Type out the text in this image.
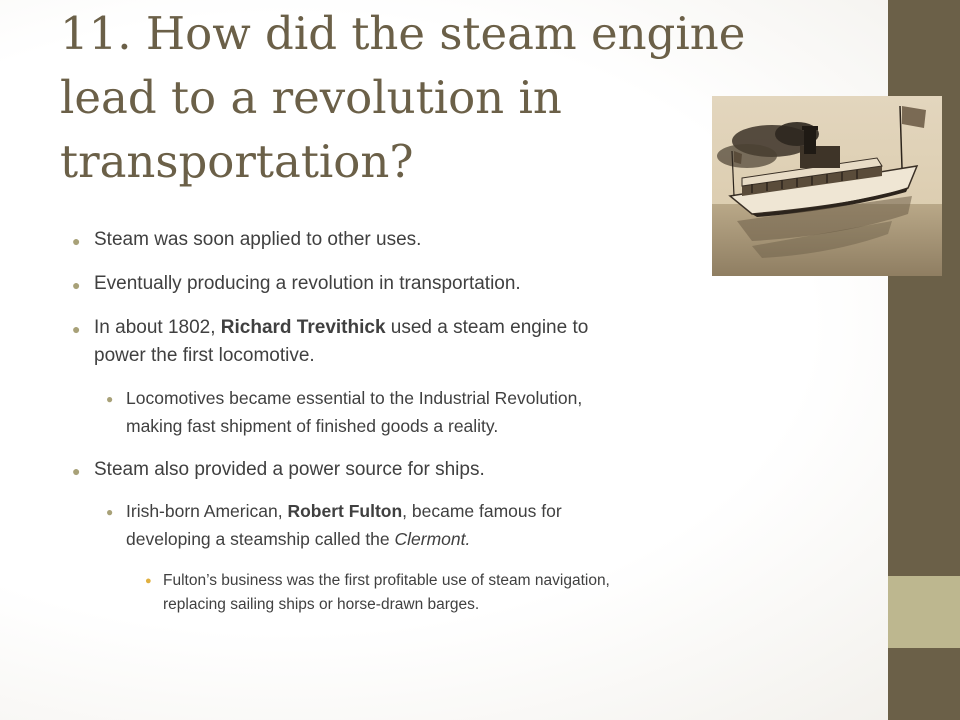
11. How did the steam engine
lead to a revolution in
transportation?
● Steam was soon applied to other uses.
● Eventually producing a revolution in transportation.
● In about 1802, Richard Trevithick used a steam engine to
power the first locomotive.
● Locomotives became essential to the Industrial Revolution,
making fast shipment of finished goods a reality.
● Steam also provided a power source for ships.
● Irish-born American, Robert Fulton, became famous for
developing a steamship called the Clermont.
● Fulton’s business was the first profitable use of steam navigation,
replacing sailing ships or horse-drawn barges.
